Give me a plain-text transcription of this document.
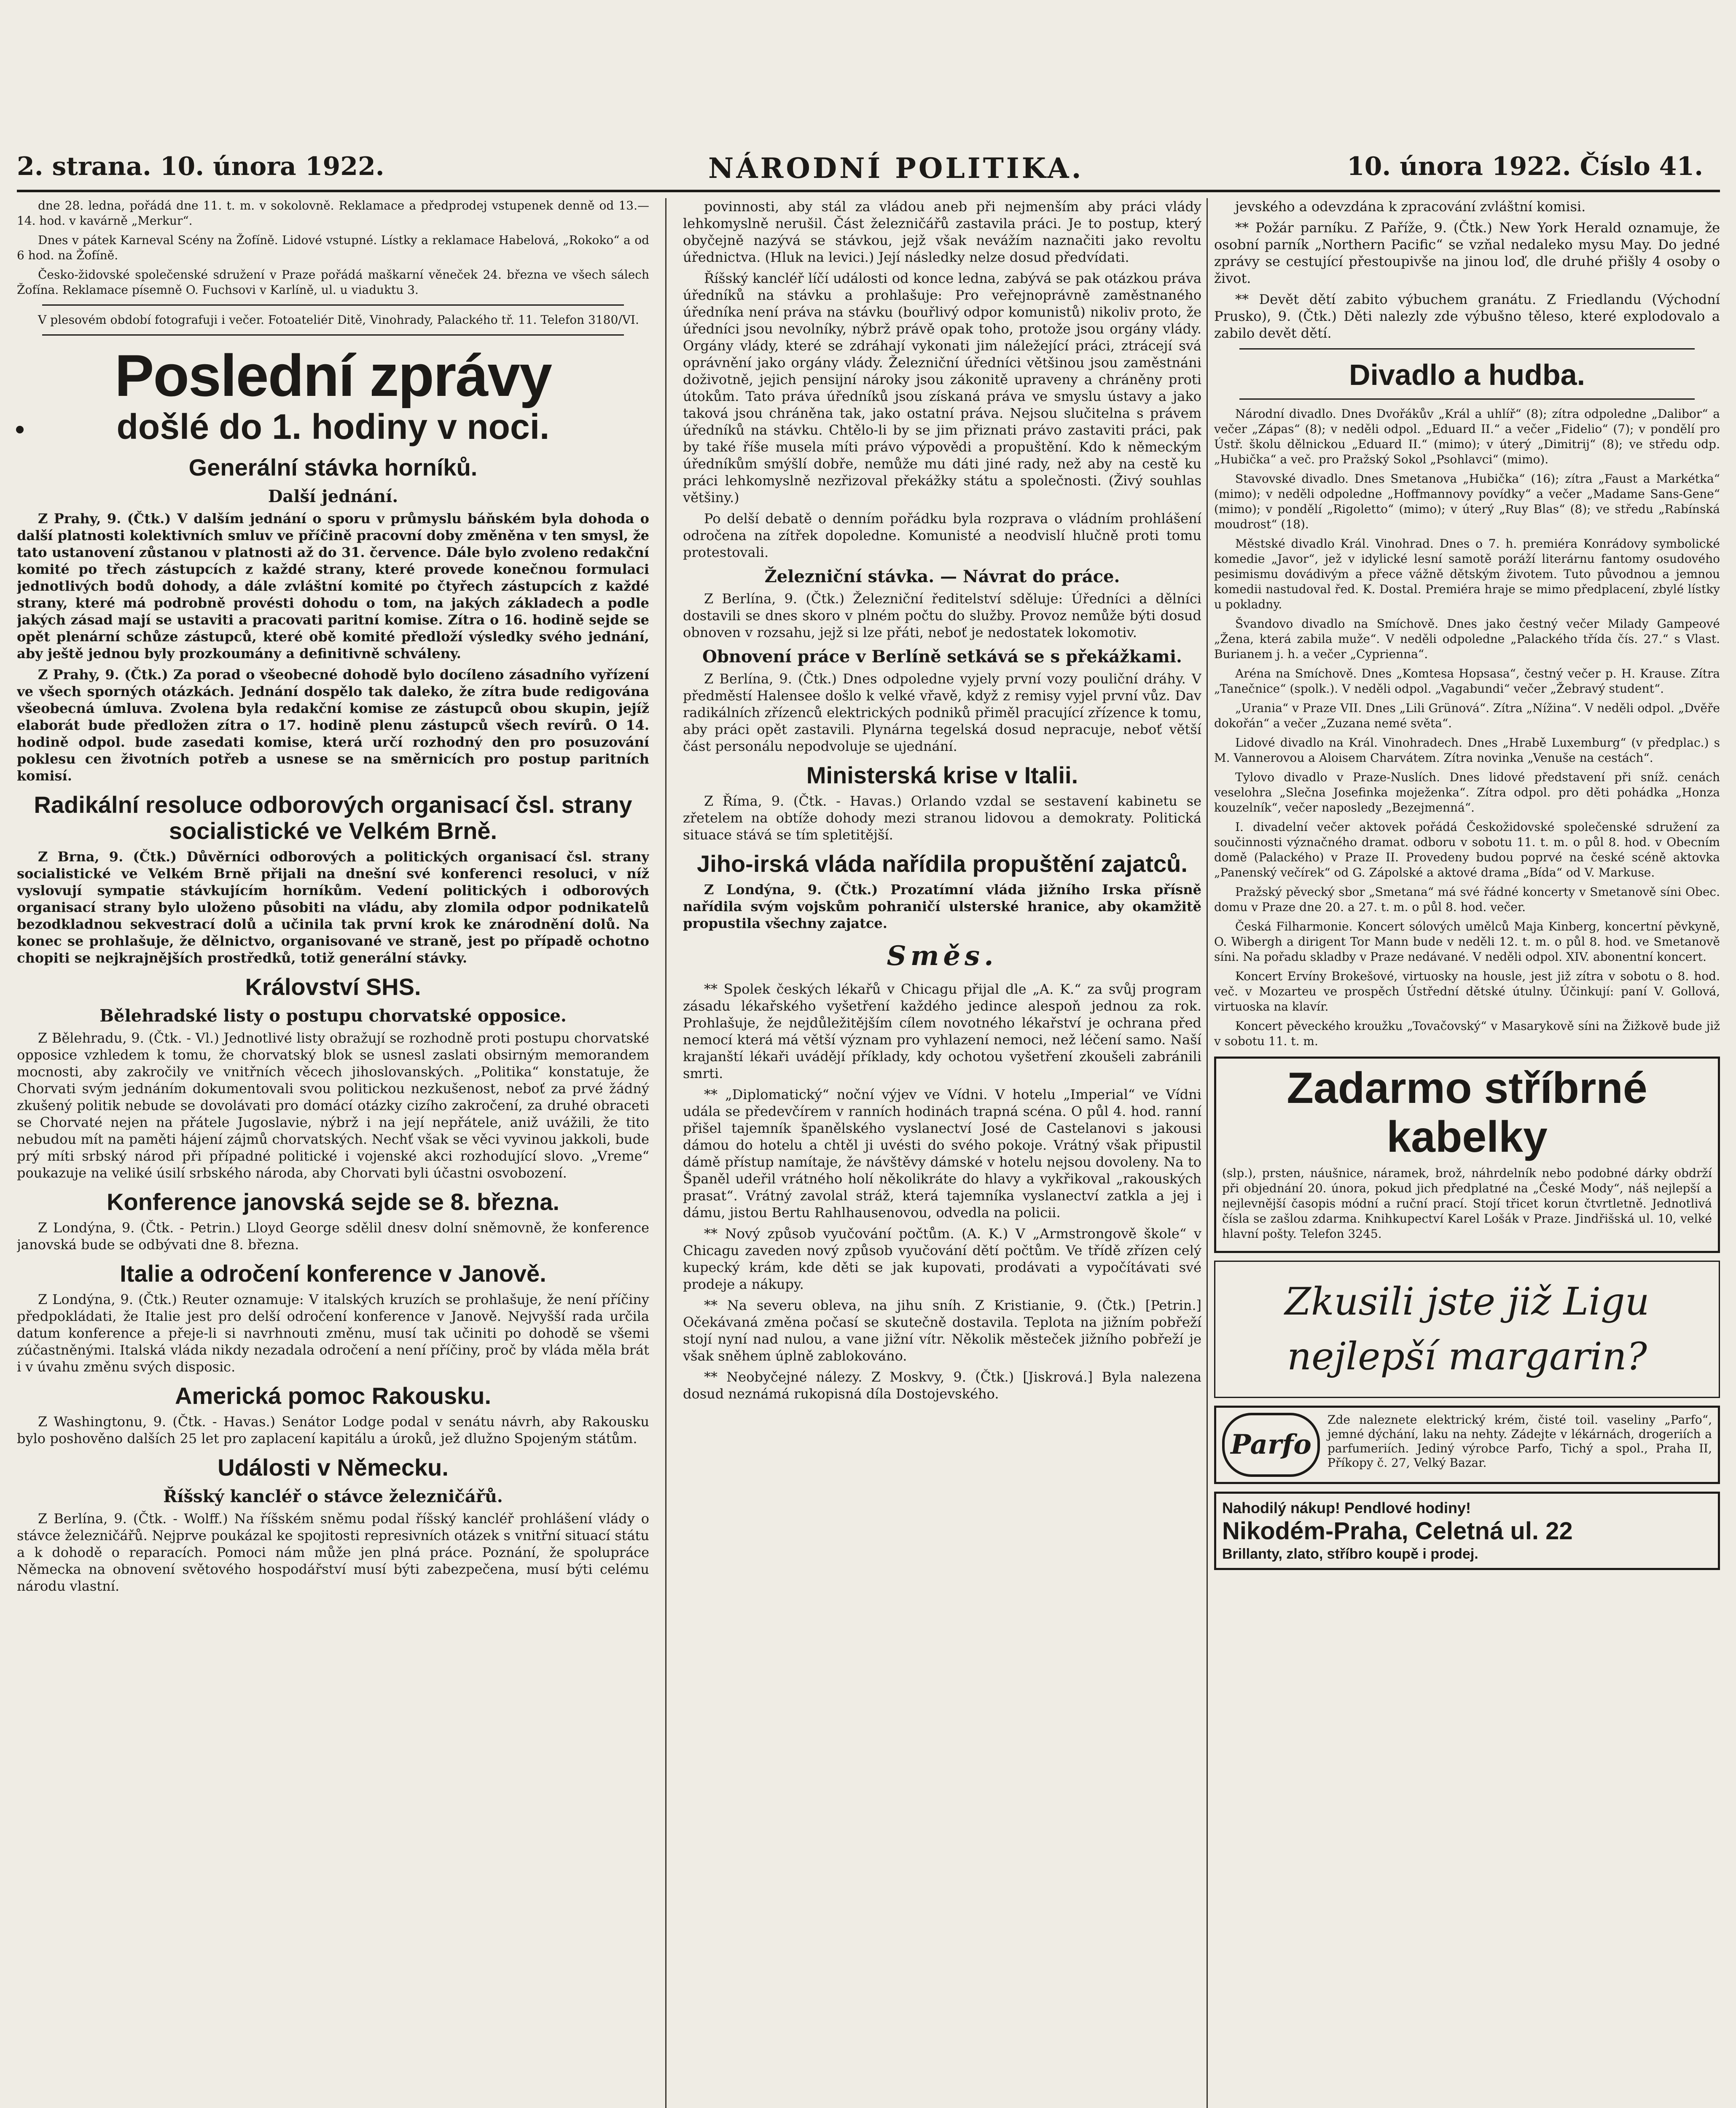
2. strana. 10. února 1922.	NÁRODNÍ POLITIKA.	10. února 1922. Číslo 41.

dne 28. ledna, pořádá dne 11. t. m. v sokolovně. Reklamace a předprodej vstupenek denně od 13.—14. hod. v kavárně „Merkur“.

Dnes v pátek Karneval Scény na Žofíně. Lidové vstupné. Lístky a reklamace Habelová, „Rokoko“ a od 6 hod. na Žofíně.

Česko-židovské společenské sdružení v Praze pořádá maškarní věneček 24. března ve všech sálech Žofína. Reklamace písemně O. Fuchsovi v Karlíně, ul. u viaduktu 3.

V plesovém období fotografuji i večer. Fotoateliér Ditě, Vinohrady, Palackého tř. 11. Telefon 3180/VI.

Poslední zprávy
došlé do 1. hodiny v noci.
Generální stávka horníků.
Další jednání.

Z Prahy, 9. (Čtk.) V dalším jednání o sporu v průmyslu báňském byla dohoda o další platnosti kolektivních smluv ve příčině pracovní doby změněna v ten smysl, že tato ustanovení zůstanou v platnosti až do 31. července. Dále bylo zvoleno redakční komité po třech zástupcích z každé strany, které provede konečnou formulaci jednotlivých bodů dohody, a dále zvláštní komité po čtyřech zástupcích z každé strany, které má podrobně provésti dohodu o tom, na jakých základech a podle jakých zásad mají se ustaviti a pracovati paritní komise. Zítra o 16. hodině sejde se opět plenární schůze zástupců, které obě komité předloží výsledky svého jednání, aby ještě jednou byly prozkoumány a definitivně schváleny.

Z Prahy, 9. (Čtk.) Za porad o všeobecné dohodě bylo docíleno zásadního vyřízení ve všech sporných otázkách. Jednání dospělo tak daleko, že zítra bude redigována všeobecná úmluva. Zvolena byla redakční komise ze zástupců obou skupin, jejíž elaborát bude předložen zítra o 17. hodině plenu zástupců všech revírů. O 14. hodině odpol. bude zasedati komise, která určí rozhodný den pro posuzování poklesu cen životních potřeb a usnese se na směrnicích pro postup paritních komisí.

Radikální resoluce odborových organisací čsl. strany socialistické ve Velkém Brně.

Z Brna, 9. (Čtk.) Důvěrníci odborových a politických organisací čsl. strany socialistické ve Velkém Brně přijali na dnešní své konferenci resoluci, v níž vyslovují sympatie stávkujícím horníkům. Vedení politických i odborových organisací strany bylo uloženo působiti na vládu, aby zlomila odpor podnikatelů bezodkladnou sekvestrací dolů a učinila tak první krok ke znárodnění dolů. Na konec se prohlašuje, že dělnictvo, organisované ve straně, jest po případě ochotno chopiti se nejkrajnějších prostředků, totiž generální stávky.

Království SHS.
Bělehradské listy o postupu chorvatské opposice.

Z Bělehradu, 9. (Čtk. - Vl.) Jednotlivé listy obražují se rozhodně proti postupu chorvatské opposice vzhledem k tomu, že chorvatský blok se usnesl zaslati obsirným memorandem mocnosti, aby zakročily ve vnitřních věcech jihoslovanských. „Politika“ konstatuje, že Chorvati svým jednáním dokumentovali svou politickou nezkušenost, neboť za prvé žádný zkušený politik nebude se dovolávati pro domácí otázky cizího zakročení, za druhé obraceti se Chorvaté nejen na přátele Jugoslavie, nýbrž i na její nepřátele, aniž uvážili, že tito nebudou mít na paměti hájení zájmů chorvatských. Nechť však se věci vyvinou jakkoli, bude prý míti srbský národ při případné politické i vojenské akci rozhodující slovo. „Vreme“ poukazuje na veliké úsilí srbského národa, aby Chorvati byli účastni osvobození.

Konference janovská sejde se 8. března.

Z Londýna, 9. (Čtk. - Petrin.) Lloyd George sdělil dnesv dolní sněmovně, že konference janovská bude se odbývati dne 8. března.

Italie a odročení konference v Janově.

Z Londýna, 9. (Čtk.) Reuter oznamuje: V italských kruzích se prohlašuje, že není příčiny předpokládati, že Italie jest pro delší odročení konference v Janově. Nejvyšší rada určila datum konference a přeje-li si navrhnouti změnu, musí tak učiniti po dohodě se všemi zúčastněnými. Italská vláda nikdy nezadala odročení a není příčiny, proč by vláda měla brát i v úvahu změnu svých disposic.

Americká pomoc Rakousku.

Z Washingtonu, 9. (Čtk. - Havas.) Senátor Lodge podal v senátu návrh, aby Rakousku bylo poshověno dalších 25 let pro zaplacení kapitálu a úroků, jež dlužno Spojeným státům.

Události v Německu.
Říšský kancléř o stávce železničářů.

Z Berlína, 9. (Čtk. - Wolff.) Na říšském sněmu podal říšský kancléř prohlášení vlády o stávce železničářů. Nejprve poukázal ke spojitosti represivních otázek s vnitřní situací státu a k dohodě o reparacích. Pomoci nám může jen plná práce. Poznání, že spolupráce Německa na obnovení světového hospodářství musí býti zabezpečena, musí býti celému národu vlastní.

povinnosti, aby stál za vládou aneb při nejmenším aby práci vlády lehkomyslně nerušil. Část železničářů zastavila práci. Je to postup, který obyčejně nazývá se stávkou, jejž však nevážím naznačiti jako revoltu úřednictva. (Hluk na levici.) Její následky nelze dosud předvídati.

Říšský kancléř líčí události od konce ledna, zabývá se pak otázkou práva úředníků na stávku a prohlašuje: Pro veřejnoprávně zaměstnaného úředníka není práva na stávku (bouřlivý odpor komunistů) nikoliv proto, že úředníci jsou nevolníky, nýbrž právě opak toho, protože jsou orgány vlády. Orgány vlády, které se zdráhají vykonati jim náležející práci, ztrácejí svá oprávnění jako orgány vlády. Železniční úředníci většinou jsou zaměstnáni doživotně, jejich pensijní nároky jsou zákonitě upraveny a chráněny proti útokům. Tato práva úředníků jsou získaná práva ve smyslu ústavy a jako taková jsou chráněna tak, jako ostatní práva. Nejsou slučitelna s právem úředníků na stávku. Chtělo-li by se jim přiznati právo zastaviti práci, pak by také říše musela míti právo výpovědi a propuštění. Kdo k německým úředníkům smýšlí dobře, nemůže mu dáti jiné rady, než aby na cestě ku práci lehkomyslně nezřizoval překážky státu a společnosti. (Živý souhlas většiny.)

Po delší debatě o denním pořádku byla rozprava o vládním prohlášení odročena na zítřek dopoledne. Komunisté a neodvislí hlučně proti tomu protestovali.

Železniční stávka. — Návrat do práce.

Z Berlína, 9. (Čtk.) Železniční ředitelství sděluje: Úředníci a dělníci dostavili se dnes skoro v plném počtu do služby. Provoz nemůže býti dosud obnoven v rozsahu, jejž si lze přáti, neboť je nedostatek lokomotiv.

Obnovení práce v Berlíně setkává se s překážkami.

Z Berlína, 9. (Čtk.) Dnes odpoledne vyjely první vozy pouliční dráhy. V předměstí Halensee došlo k velké vřavě, když z remisy vyjel první vůz. Dav radikálních zřízenců elektrických podniků přiměl pracující zřízence k tomu, aby práci opět zastavili. Plynárna tegelská dosud nepracuje, neboť větší část personálu nepodvoluje se ujednání.

Ministerská krise v Italii.

Z Říma, 9. (Čtk. - Havas.) Orlando vzdal se sestavení kabinetu se zřetelem na obtíže dohody mezi stranou lidovou a demokraty. Politická situace stává se tím spletitější.

Jiho-irská vláda nařídila propuštění zajatců.

Z Londýna, 9. (Čtk.) Prozatímní vláda jižního Irska přísně nařídila svým vojskům pohraničí ulsterské hranice, aby okamžitě propustila všechny zajatce.

Směs.

** Spolek českých lékařů v Chicagu přijal dle „A. K.“ za svůj program zásadu lékařského vyšetření každého jedince alespoň jednou za rok. Prohlašuje, že nejdůležitějším cílem novotného lékařství je ochrana před nemocí která má větší význam pro vyhlazení nemoci, než léčení samo. Naší krajanští lékaři uvádějí příklady, kdy ochotou vyšetření zkoušeli zabránili smrti.

** „Diplomatický“ noční výjev ve Vídni. V hotelu „Imperial“ ve Vídni udála se předevčírem v ranních hodinách trapná scéna. O půl 4. hod. ranní přišel tajemník španělského vyslanectví José de Castelanovi s jakousi dámou do hotelu a chtěl ji uvésti do svého pokoje. Vrátný však připustil dámě přístup namítaje, že návštěvy dámské v hotelu nejsou dovoleny. Na to Španěl udeřil vrátného holí několikráte do hlavy a vykřikoval „rakouských prasat“. Vrátný zavolal stráž, která tajemníka vyslanectví zatkla a jej i dámu, jistou Bertu Rahlhausenovou, odvedla na policii.

** Nový způsob vyučování počtům. (A. K.) V „Armstrongově škole“ v Chicagu zaveden nový způsob vyučování dětí počtům. Ve třídě zřízen celý kupecký krám, kde děti se jak kupovati, prodávati a vypočítávati své prodeje a nákupy.

** Na severu obleva, na jihu sníh. Z Kristianie, 9. (Čtk.) [Petrin.] Očekávaná změna počasí se skutečně dostavila. Teplota na jižním pobřeží stojí nyní nad nulou, a vane jižní vítr. Několik městeček jižního pobřeží je však sněhem úplně zablokováno.

** Neobyčejné nálezy. Z Moskvy, 9. (Čtk.) [Jiskrová.] Byla nalezena dosud neznámá rukopisná díla Dostojevského.

jevského a odevzdána k zpracování zvláštní komisi.

** Požár parníku. Z Paříže, 9. (Čtk.) New York Herald oznamuje, že osobní parník „Northern Pacific“ se vzňal nedaleko mysu May. Do jedné zprávy se cestující přestoupivše na jinou loď, dle druhé přišly 4 osoby o život.

** Devět dětí zabito výbuchem granátu. Z Friedlandu (Východní Prusko), 9. (Čtk.) Děti nalezly zde výbušno těleso, které explodovalo a zabilo devět dětí.

Divadlo a hudba.

Národní divadlo. Dnes Dvořákův „Král a uhlíř“ (8); zítra odpoledne „Dalibor“ a večer „Zápas“ (8); v neděli odpol. „Eduard II.“ a večer „Fidelio“ (7); v pondělí pro Ústř. školu dělnickou „Eduard II.“ (mimo); v úterý „Dimitrij“ (8); ve středu odp. „Hubička“ a več. pro Pražský Sokol „Psohlavci“ (mimo).

Stavovské divadlo. Dnes Smetanova „Hubička“ (16); zítra „Faust a Markétka“ (mimo); v neděli odpoledne „Hoffmannovy povídky“ a večer „Madame Sans-Gene“ (mimo); v pondělí „Rigoletto“ (mimo); v úterý „Ruy Blas“ (8); ve středu „Rabínská moudrost“ (18).

Městské divadlo Král. Vinohrad. Dnes o 7. h. premiéra Konrádovy symbolické komedie „Javor“, jež v idylické lesní samotě poráží literárnu fantomy osudového pesimismu dovádivým a přece vážně dětským životem. Tuto původnou a jemnou komedii nastudoval řed. K. Dostal. Premiéra hraje se mimo předplacení, zbylé lístky u pokladny.

Švandovo divadlo na Smíchově. Dnes jako čestný večer Milady Gampeové „Žena, která zabila muže“. V neděli odpoledne „Palackého třída čís. 27.“ s Vlast. Burianem j. h. a večer „Cyprienna“.

Aréna na Smíchově. Dnes „Komtesa Hopsasa“, čestný večer p. H. Krause. Zítra „Tanečnice“ (spolk.). V neděli odpol. „Vagabundi“ večer „Žebravý student“.

„Urania“ v Praze VII. Dnes „Lili Grünová“. Zítra „Nížina“. V neděli odpol. „Dvěře dokořán“ a večer „Zuzana nemé světa“.

Lidové divadlo na Král. Vinohradech. Dnes „Hrabě Luxemburg“ (v předplac.) s M. Vannerovou a Aloisem Charvátem. Zítra novinka „Venuše na cestách“.

Tylovo divadlo v Praze-Nuslích. Dnes lidové představení při sníž. cenách veselohra „Slečna Josefinka moježenka“. Zítra odpol. pro děti pohádka „Honza kouzelník“, večer naposledy „Bezejmenná“.

I. divadelní večer aktovek pořádá Českožidovské společenské sdružení za součinnosti význačného dramat. odboru v sobotu 11. t. m. o půl 8. hod. v Obecním domě (Palackého) v Praze II. Provedeny budou poprvé na české scéně aktovka „Panenský večírek“ od G. Zápolské a aktové drama „Bída“ od V. Markuse.

Pražský pěvecký sbor „Smetana“ má své řádné koncerty v Smetanově síni Obec. domu v Praze dne 20. a 27. t. m. o půl 8. hod. večer.

Česká Filharmonie. Koncert sólových umělců Maja Kinberg, koncertní pěvkyně, O. Wibergh a dirigent Tor Mann bude v neděli 12. t. m. o půl 8. hod. ve Smetanově síni. Na pořadu skladby v Praze nedávané. V neděli odpol. XIV. abonentní koncert.

Koncert Ervíny Brokešové, virtuosky na housle, jest již zítra v sobotu o 8. hod. več. v Mozarteu ve prospěch Ústřední dětské útulny. Účinkují: paní V. Gollová, virtuoska na klavír.

Koncert pěveckého kroužku „Tovačovský“ v Masarykově síni na Žižkově bude již v sobotu 11. t. m.

Zadarmo stříbrné kabelky

(slp.), prsten, náušnice, náramek, brož, náhrdelník nebo podobné dárky obdrží při objednání 20. února, pokud jich předplatné na „České Mody“, náš nejlepší a nejlevnější časopis módní a ruční prací. Stojí třicet korun čtvrtletně. Jednotlivá čísla se zašlou zdarma. Knihkupectví Karel Lošák v Praze. Jindřišská ul. 10, velké hlavní pošty. Telefon 3245.

Zkusili jste již Ligu nejlepší margarin?
Parfo
Zde naleznete elektrický krém, čisté toil. vaseliny „Parfo“, jemné dýchání, laku na nehty. Zádejte v lékárnách, drogeriích a parfumeriích. Jediný výrobce Parfo, Tichý a spol., Praha II, Příkopy č. 27, Velký Bazar.
Nahodilý nákup! Pendlové hodiny!
Nikodém-Praha, Celetná ul. 22
Brillanty, zlato, stříbro koupě i prodej.
